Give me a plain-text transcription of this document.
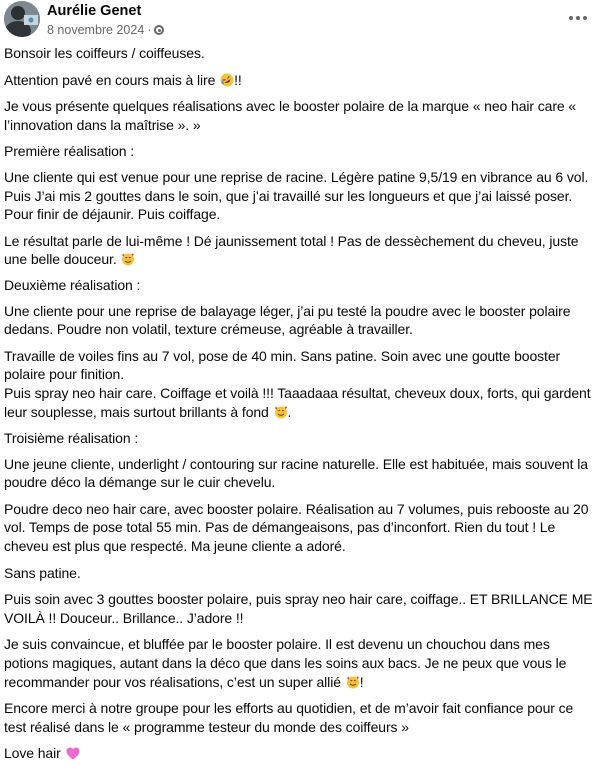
Aurélie Genet
8 novembre 2024 ·

Bonsoir les coiffeurs / coiffeuses.

Attention pavé en cours mais à lire !!

Je vous présente quelques réalisations avec le booster polaire de la marque « neo hair care « l’innovation dans la maîtrise ». »

Première réalisation :

Une cliente qui est venue pour une reprise de racine. Légère patine 9,5/19 en vibrance au 6 vol. Puis J’ai mis 2 gouttes dans le soin, que j’ai travaillé sur les longueurs et que j’ai laissé poser. Pour finir de déjaunir. Puis coiffage.

Le résultat parle de lui-même ! Dé jaunissement total ! Pas de dessèchement du cheveu, juste une belle douceur.

Deuxième réalisation :

Une cliente pour une reprise de balayage léger, j’ai pu testé la poudre avec le booster polaire dedans. Poudre non volatil, texture crémeuse, agréable à travailler.

Travaille de voiles fins au 7 vol, pose de 40 min. Sans patine. Soin avec une goutte booster polaire pour finition.
Puis spray neo hair care. Coiffage et voilà !!! Taaadaaa résultat, cheveux doux, forts, qui gardent leur souplesse, mais surtout brillants à fond .

Troisième réalisation :

Une jeune cliente, underlight / contouring sur racine naturelle. Elle est habituée, mais souvent la poudre déco la démange sur le cuir chevelu.

Poudre deco neo hair care, avec booster polaire. Réalisation au 7 volumes, puis rebooste au 20 vol. Temps de pose total 55 min. Pas de démangeaisons, pas d’inconfort. Rien du tout ! Le cheveu est plus que respecté. Ma jeune cliente a adoré.

Sans patine.

Puis soin avec 3 gouttes booster polaire, puis spray neo hair care, coiffage.. ET BRILLANCE ME VOILÀ !! Douceur.. Brillance.. J’adore !!

Je suis convaincue, et bluffée par le booster polaire. Il est devenu un chouchou dans mes potions magiques, autant dans la déco que dans les soins aux bacs. Je ne peux que vous le recommander pour vos réalisations, c’est un super allié !

Encore merci à notre groupe pour les efforts au quotidien, et de m’avoir fait confiance pour ce test réalisé dans le « programme testeur du monde des coiffeurs »

Love hair
